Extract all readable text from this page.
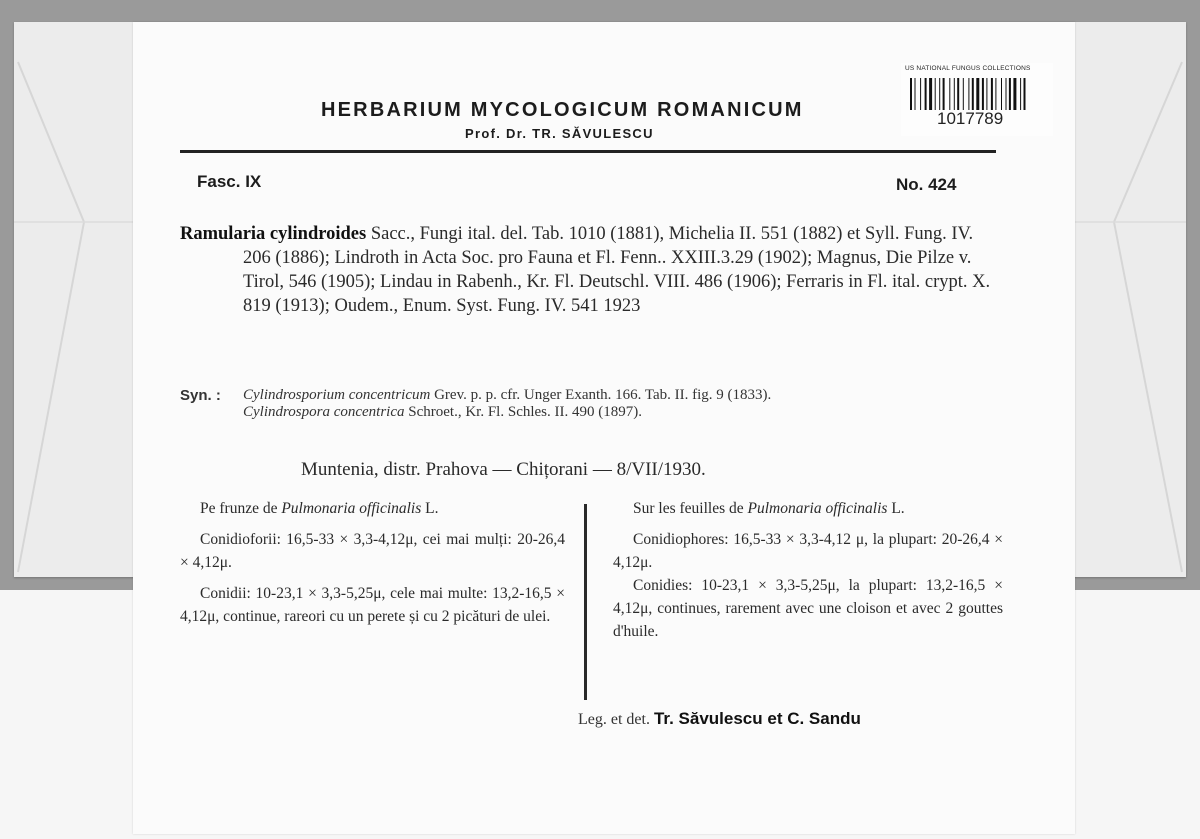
HERBARIUM MYCOLOGICUM ROMANICUM
Prof. Dr. TR. SĂVULESCU
Fasc. IX	No. 424
Ramularia cylindroides Sacc., Fungi ital. del. Tab. 1010 (1881), Michelia II. 551 (1882) et Syll. Fung. IV. 206 (1886); Lindroth in Acta Soc. pro Fauna et Fl. Fenn.. XXIII.3.29 (1902); Magnus, Die Pilze v. Tirol, 546 (1905); Lindau in Rabenh., Kr. Fl. Deutschl. VIII. 486 (1906); Ferraris in Fl. ital. crypt. X. 819 (1913); Oudem., Enum. Syst. Fung. IV. 541 1923
Syn. : Cylindrosporium concentricum Grev. p. p. cfr. Unger Exanth. 166. Tab. II. fig. 9 (1833).
Cylindrospora concentrica Schroet., Kr. Fl. Schles. II. 490 (1897).
Muntenia, distr. Prahova — Chițorani — 8/VII/1930.

Pe frunze de Pulmonaria officinalis L.

Conidioforii: 16,5-33 × 3,3-4,12μ, cei mai mulți: 20-26,4 × 4,12μ.

Conidii: 10-23,1 × 3,3-5,25μ, cele mai multe: 13,2-16,5 × 4,12μ, continue, rareori cu un perete și cu 2 picături de ulei.

Sur les feuilles de Pulmonaria officinalis L.

Conidiophores: 16,5-33 × 3,3-4,12 μ, la plupart: 20-26,4 × 4,12μ.

Conidies: 10-23,1 × 3,3-5,25μ, la plupart: 13,2-16,5 × 4,12μ, continues, rarement avec une cloison et avec 2 gouttes d'huile.

Leg. et det. Tr. Săvulescu et C. Sandu
US NATIONAL FUNGUS COLLECTIONS
1017789
